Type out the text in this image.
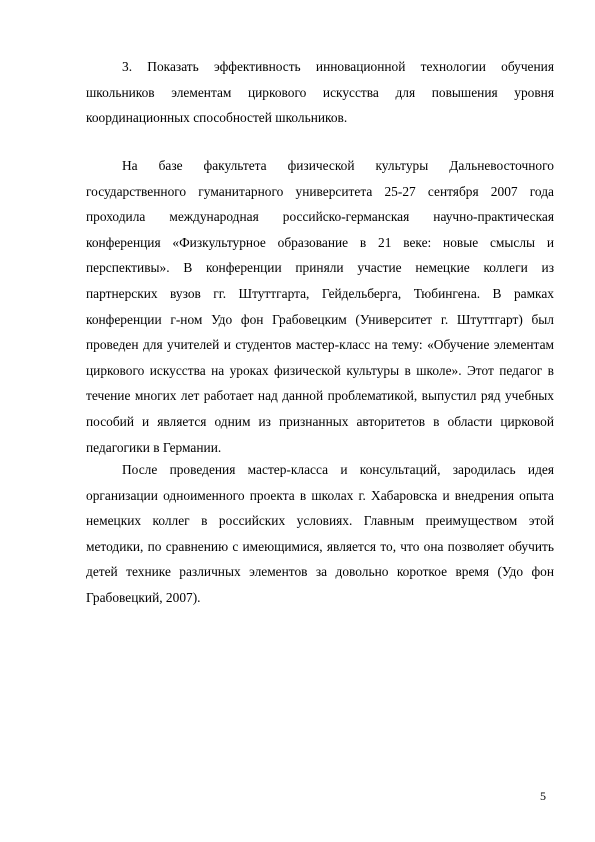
3. Показать эффективность инновационной технологии обучения школьников элементам циркового искусства для повышения уровня координационных способностей школьников.

На базе факультета физической культуры Дальневосточного государственного гуманитарного университета 25-27 сентября 2007 года проходила международная российско-германская научно-практическая конференция «Физкультурное образование в 21 веке: новые смыслы и перспективы». В конференции приняли участие немецкие коллеги из партнерских вузов гг. Штуттгарта, Гейдельберга, Тюбингена. В рамках конференции г-ном Удо фон Грабовецким (Университет г. Штуттгарт) был проведен для учителей и студентов мастер-класс на тему: «Обучение элементам циркового искусства на уроках физической культуры в школе». Этот педагог в течение многих лет работает над данной проблематикой, выпустил ряд учебных пособий и является одним из признанных авторитетов в области цирковой педагогики в Германии.

После проведения мастер-класса и консультаций, зародилась идея организации одноименного проекта в школах г. Хабаровска и внедрения опыта немецких коллег в российских условиях. Главным преимуществом этой методики, по сравнению с имеющимися, является то, что она позволяет обучить детей технике различных элементов за довольно короткое время (Удо фон Грабовецкий, 2007).

5
